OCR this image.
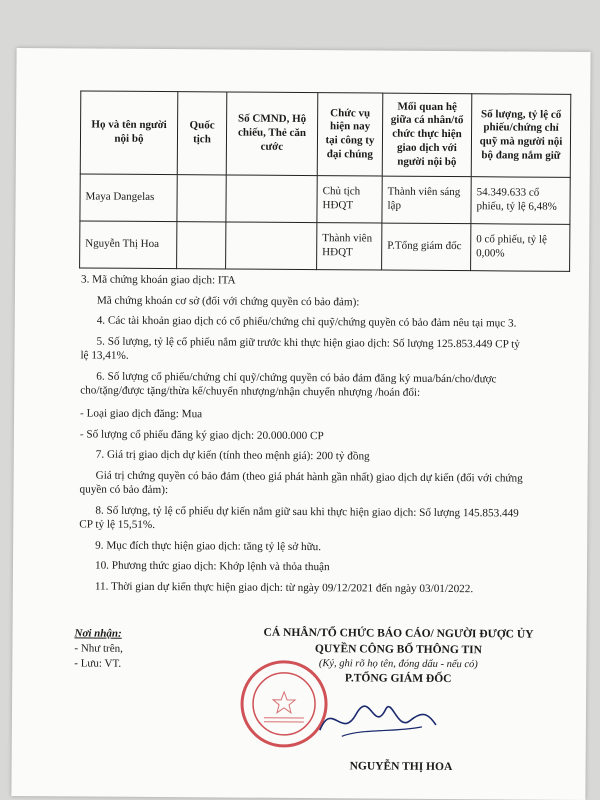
Họ và tên người nội bộ	Quốc tịch	Số CMND, Hộ chiếu, Thẻ căn cước	Chức vụ hiện nay tại công ty đại chúng	Mối quan hệ giữa cá nhân/tổ chức thực hiện giao dịch với người nội bộ	Số lượng, tỷ lệ cổ phiếu/chứng chỉ quỹ mà người nội bộ đang nắm giữ
Maya Dangelas			Chủ tịch HĐQT	Thành viên sáng lập	54.349.633 cổ phiếu, tỷ lệ 6,48%
Nguyễn Thị Hoa			Thành viên HĐQT	P.Tổng giám đốc	0 cổ phiếu, tỷ lệ 0,00%

3. Mã chứng khoán giao dịch: ITA

Mã chứng khoán cơ sở (đối với chứng quyền có bảo đảm):

4. Các tài khoản giao dịch có cổ phiếu/chứng chỉ quỹ/chứng quyền có bảo đảm nêu tại mục 3.

5. Số lượng, tỷ lệ cổ phiếu nắm giữ trước khi thực hiện giao dịch: Số lượng 125.853.449 CP tỷ lệ 13,41%.

6. Số lượng cổ phiếu/chứng chỉ quỹ/chứng quyền có bảo đảm đăng ký mua/bán/cho/được cho/tặng/được tặng/thừa kế/chuyển nhượng/nhận chuyển nhượng /hoán đổi:

- Loại giao dịch đăng: Mua

- Số lượng cổ phiếu đăng ký giao dịch: 20.000.000 CP

7. Giá trị giao dịch dự kiến (tính theo mệnh giá): 200 tỷ đồng

Giá trị chứng quyền có bảo đảm (theo giá phát hành gần nhất) giao dịch dự kiến (đối với chứng quyền có bảo đảm):

8. Số lượng, tỷ lệ cổ phiếu dự kiến nắm giữ sau khi thực hiện giao dịch: Số lượng 145.853.449 CP tỷ lệ 15,51%.

9. Mục đích thực hiện giao dịch: tăng tỷ lệ sở hữu.

10. Phương thức giao dịch: Khớp lệnh và thỏa thuận

11. Thời gian dự kiến thực hiện giao dịch: từ ngày 09/12/2021 đến ngày 03/01/2022.

Nơi nhận:
- Như trên,
- Lưu: VT.
CÁ NHÂN/TỔ CHỨC BÁO CÁO/ NGƯỜI ĐƯỢC ỦY
QUYỀN CÔNG BỐ THÔNG TIN
(Ký, ghi rõ họ tên, đóng dấu - nếu có)
P.TỔNG GIÁM ĐỐC
NGUYỄN THỊ HOA
